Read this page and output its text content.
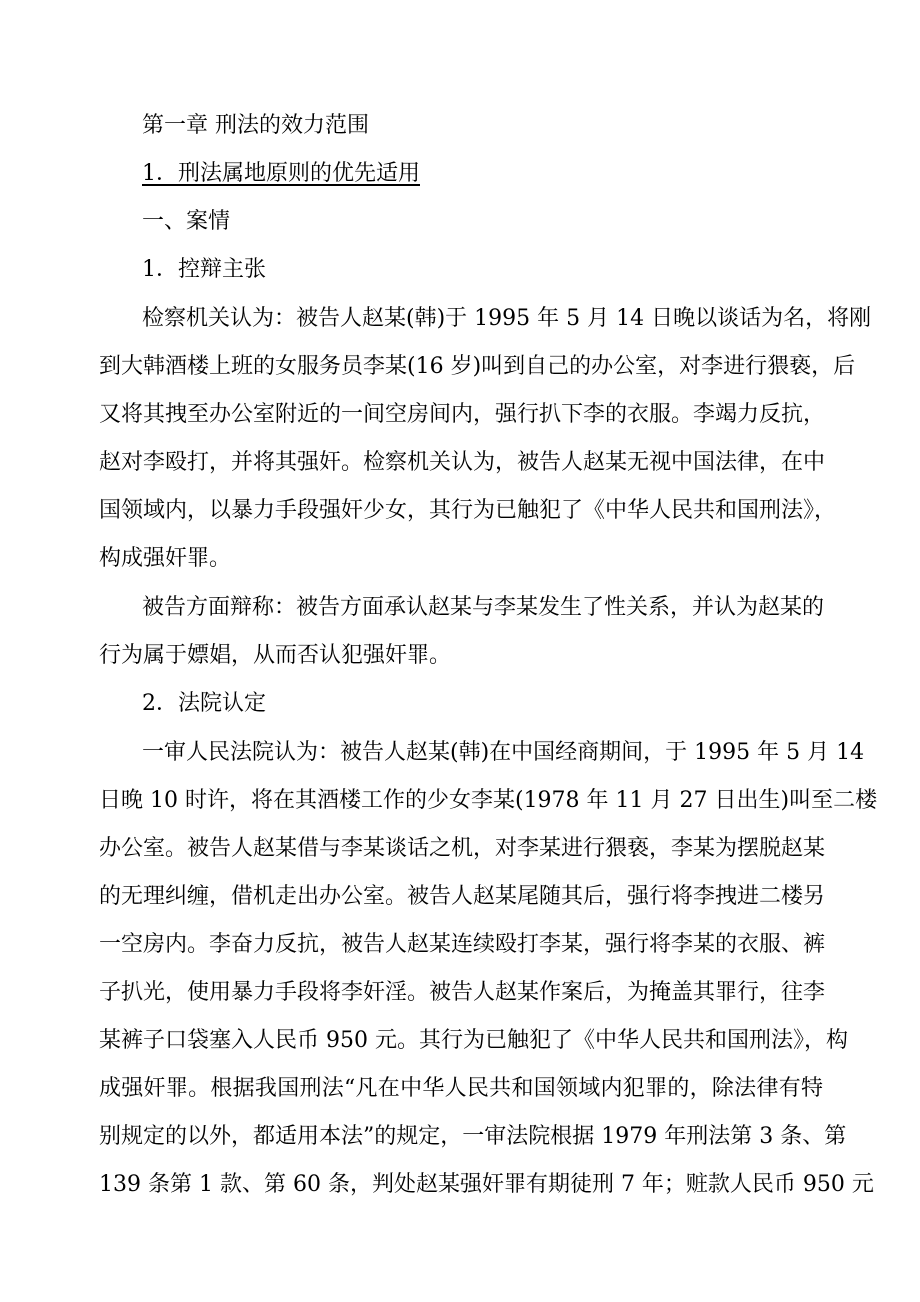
第一章 刑法的效力范围
1．刑法属地原则的优先适用
一、案情
1．控辩主张
检察机关认为：被告人赵某(韩)于 1995 年 5 月 14 日晚以谈话为名，将刚
到大韩酒楼上班的女服务员李某(16 岁)叫到自己的办公室，对李进行猥亵，后
又将其拽至办公室附近的一间空房间内，强行扒下李的衣服。李竭力反抗，
赵对李殴打，并将其强奸。检察机关认为，被告人赵某无视中国法律，在中
国领域内，以暴力手段强奸少女，其行为已触犯了《中华人民共和国刑法》，
构成强奸罪。
被告方面辩称：被告方面承认赵某与李某发生了性关系，并认为赵某的
行为属于嫖娼，从而否认犯强奸罪。
2．法院认定
一审人民法院认为：被告人赵某(韩)在中国经商期间，于 1995 年 5 月 14
日晚 10 时许，将在其酒楼工作的少女李某(1978 年 11 月 27 日出生)叫至二楼
办公室。被告人赵某借与李某谈话之机，对李某进行猥亵，李某为摆脱赵某
的无理纠缠，借机走出办公室。被告人赵某尾随其后，强行将李拽进二楼另
一空房内。李奋力反抗，被告人赵某连续殴打李某，强行将李某的衣服、裤
子扒光，使用暴力手段将李奸淫。被告人赵某作案后，为掩盖其罪行，往李
某裤子口袋塞入人民币 950 元。其行为已触犯了《中华人民共和国刑法》，构
成强奸罪。根据我国刑法“凡在中华人民共和国领域内犯罪的，除法律有特
别规定的以外，都适用本法”的规定，一审法院根据 1979 年刑法第 3 条、第
139 条第 1 款、第 60 条，判处赵某强奸罪有期徒刑 7 年；赃款人民币 950 元
